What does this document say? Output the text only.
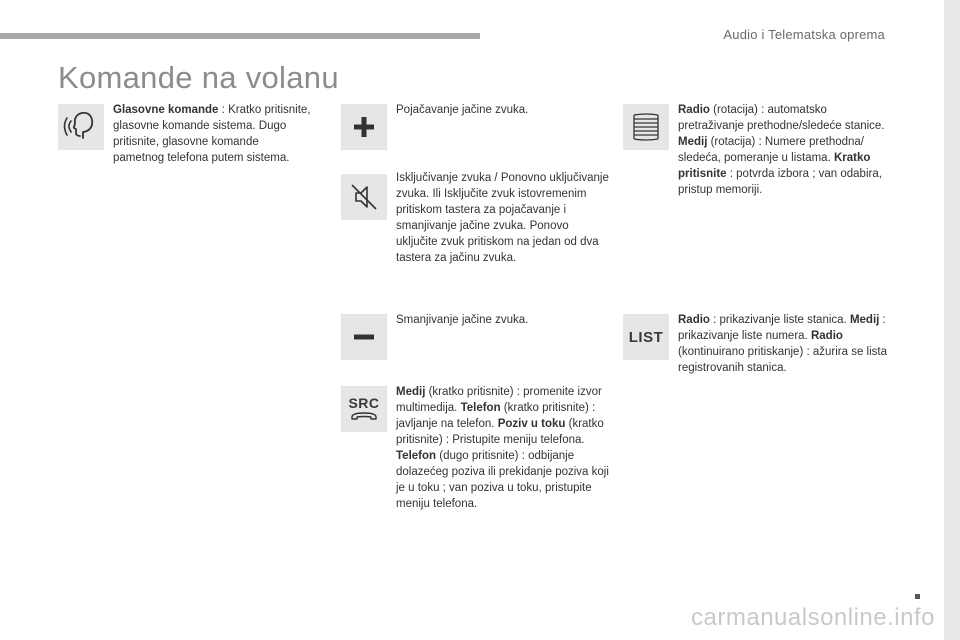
Audio i Telematska oprema
Komande na volanu
Glasovne komande : Kratko pritisnite, glasovne komande sistema. Dugo pritisnite, glasovne komande pametnog telefona putem sistema.
Pojačavanje jačine zvuka.
Isključivanje zvuka / Ponovno uključivanje zvuka. Ili Isključite zvuk istovremenim pritiskom tastera za pojačavanje i smanjivanje jačine zvuka. Ponovo uključite zvuk pritiskom na jedan od dva tastera za jačinu zvuka.
Smanjivanje jačine zvuka.
SRC
Medij (kratko pritisnite) : promenite izvor multimedija. Telefon (kratko pritisnite) : javljanje na telefon. Poziv u toku (kratko pritisnite) : Pristupite meniju telefona. Telefon (dugo pritisnite) : odbijanje dolazećeg poziva ili prekidanje poziva koji je u toku ; van poziva u toku, pristupite meniju telefona.
Radio (rotacija) : automatsko pretraživanje prethodne/sledeće stanice. Medij (rotacija) : Numere prethodna/ sledeća, pomeranje u listama. Kratko pritisnite : potvrda izbora ; van odabira, pristup memoriji.
LIST
Radio : prikazivanje liste stanica. Medij : prikazivanje liste numera. Radio (kontinuirano pritiskanje) : ažurira se lista registrovanih stanica.
carmanualsonline.info
